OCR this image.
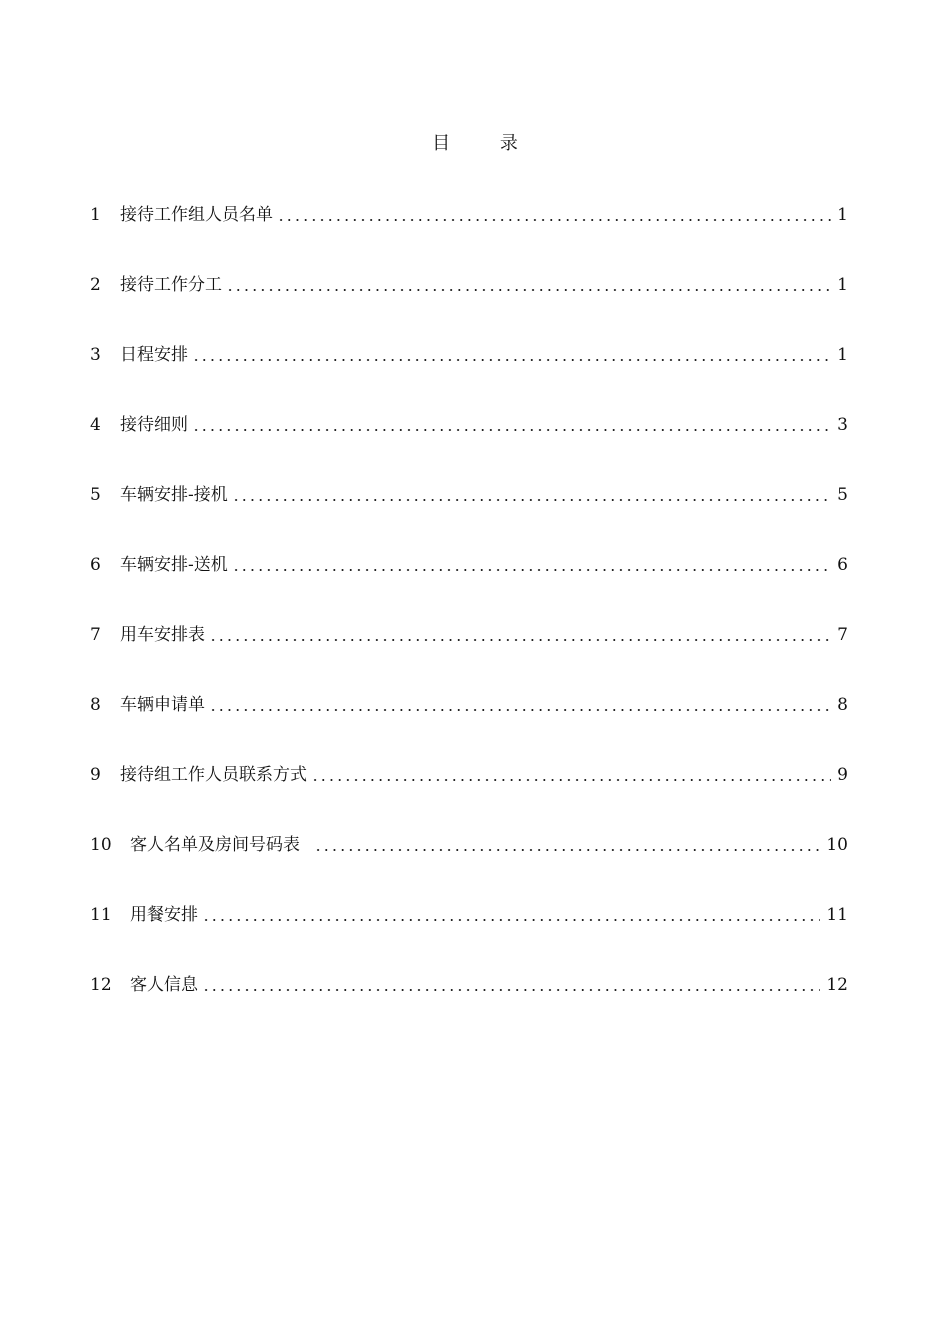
目 录
1	接待工作组人员名单	1
2	接待工作分工	1
3	日程安排	1
4	接待细则	3
5	车辆安排-接机	5
6	车辆安排-送机	6
7	用车安排表	7
8	车辆申请单	8
9	接待组工作人员联系方式	9
10	客人名单及房间号码表	10
11	用餐安排	11
12	客人信息	12
